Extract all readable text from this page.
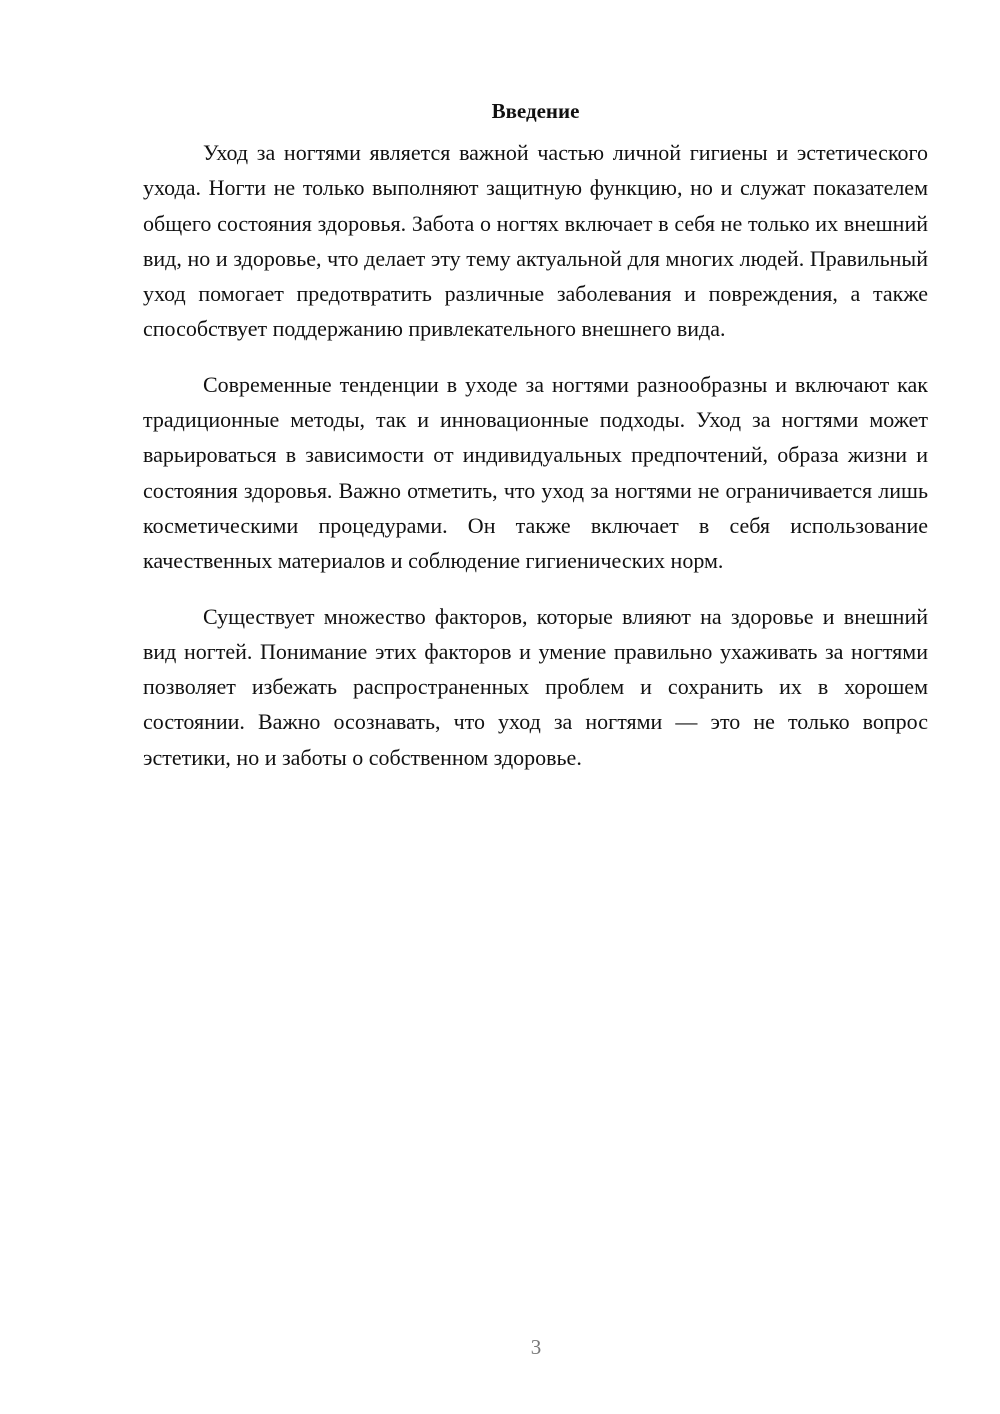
Введение

Уход за ногтями является важной частью личной гигиены и эстетического ухода. Ногти не только выполняют защитную функцию, но и служат показателем общего состояния здоровья. Забота о ногтях включает в себя не только их внешний вид, но и здоровье, что делает эту тему актуальной для многих людей. Правильный уход помогает предотвратить различные заболевания и повреждения, а также способствует поддержанию привлекательного внешнего вида.

Современные тенденции в уходе за ногтями разнообразны и включают как традиционные методы, так и инновационные подходы. Уход за ногтями может варьироваться в зависимости от индивидуальных предпочтений, образа жизни и состояния здоровья. Важно отметить, что уход за ногтями не ограничивается лишь косметическими процедурами. Он также включает в себя использование качественных материалов и соблюдение гигиенических норм.

Существует множество факторов, которые влияют на здоровье и внешний вид ногтей. Понимание этих факторов и умение правильно ухаживать за ногтями позволяет избежать распространенных проблем и сохранить их в хорошем состоянии. Важно осознавать, что уход за ногтями — это не только вопрос эстетики, но и заботы о собственном здоровье.

3
